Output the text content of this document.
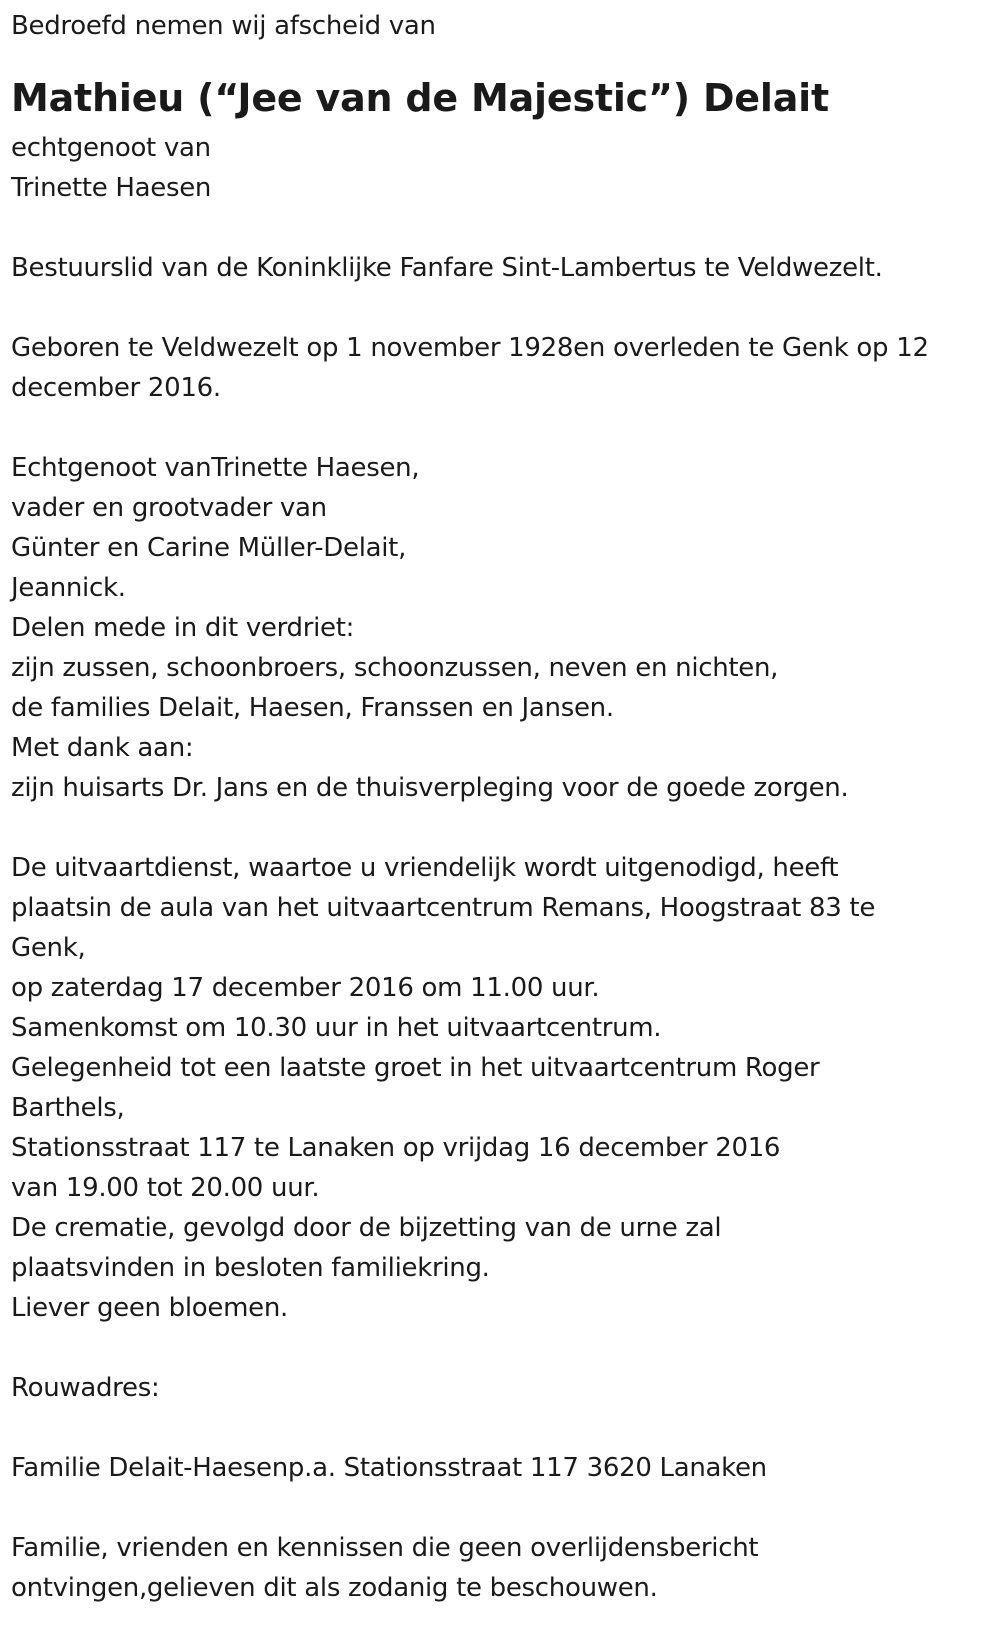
Bedroefd nemen wij afscheid van
Mathieu (“Jee van de Majestic”) Delait
echtgenoot van
Trinette Haesen
Bestuurslid van de Koninklijke Fanfare Sint-Lambertus te Veldwezelt.
Geboren te Veldwezelt op 1 november 1928en overleden te Genk op 12
december 2016.
Echtgenoot vanTrinette Haesen,
vader en grootvader van
Günter en Carine Müller-Delait,
Jeannick.
Delen mede in dit verdriet:
zijn zussen, schoonbroers, schoonzussen, neven en nichten,
de families Delait, Haesen, Franssen en Jansen.
Met dank aan:
zijn huisarts Dr. Jans en de thuisverpleging voor de goede zorgen.
De uitvaartdienst, waartoe u vriendelijk wordt uitgenodigd, heeft
plaatsin de aula van het uitvaartcentrum Remans, Hoogstraat 83 te
Genk,
op zaterdag 17 december 2016 om 11.00 uur.
Samenkomst om 10.30 uur in het uitvaartcentrum.
Gelegenheid tot een laatste groet in het uitvaartcentrum Roger
Barthels,
Stationsstraat 117 te Lanaken op vrijdag 16 december 2016
van 19.00 tot 20.00 uur.
De crematie, gevolgd door de bijzetting van de urne zal
plaatsvinden in besloten familiekring.
Liever geen bloemen.
Rouwadres:
Familie Delait-Haesenp.a. Stationsstraat 117 3620 Lanaken
Familie, vrienden en kennissen die geen overlijdensbericht
ontvingen,gelieven dit als zodanig te beschouwen.
